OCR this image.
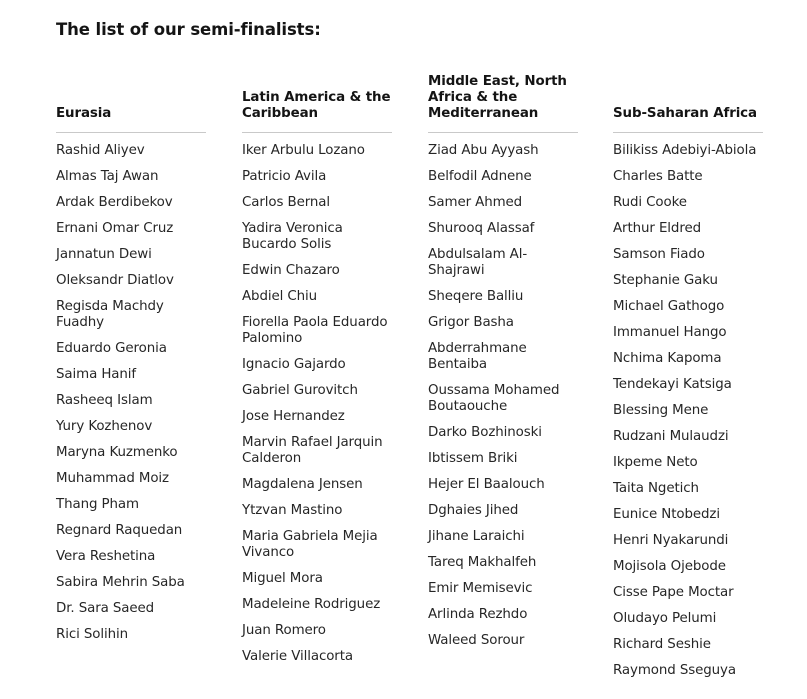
The list of our semi-finalists:
Eurasia
Rashid Aliyev
Almas Taj Awan
Ardak Berdibekov
Ernani Omar Cruz
Jannatun Dewi
Oleksandr Diatlov
Regisda Machdy Fuadhy
Eduardo Geronia
Saima Hanif
Rasheeq Islam
Yury Kozhenov
Maryna Kuzmenko
Muhammad Moiz
Thang Pham
Regnard Raquedan
Vera Reshetina
Sabira Mehrin Saba
Dr. Sara Saeed
Rici Solihin
Latin America & the Caribbean
Iker Arbulu Lozano
Patricio Avila
Carlos Bernal
Yadira Veronica Bucardo Solis
Edwin Chazaro
Abdiel Chiu
Fiorella Paola Eduardo Palomino
Ignacio Gajardo
Gabriel Gurovitch
Jose Hernandez
Marvin Rafael Jarquin Calderon
Magdalena Jensen
Ytzvan Mastino
Maria Gabriela Mejia Vivanco
Miguel Mora
Madeleine Rodriguez
Juan Romero
Valerie Villacorta
Middle East, North Africa & the Mediterranean
Ziad Abu Ayyash
Belfodil Adnene
Samer Ahmed
Shurooq Alassaf
Abdulsalam Al-Shajrawi
Sheqere Balliu
Grigor Basha
Abderrahmane Bentaiba
Oussama Mohamed Boutaouche
Darko Bozhinoski
Ibtissem Briki
Hejer El Baalouch
Dghaies Jihed
Jihane Laraichi
Tareq Makhalfeh
Emir Memisevic
Arlinda Rezhdo
Waleed Sorour
Sub-Saharan Africa
Bilikiss Adebiyi-Abiola
Charles Batte
Rudi Cooke
Arthur Eldred
Samson Fiado
Stephanie Gaku
Michael Gathogo
Immanuel Hango
Nchima Kapoma
Tendekayi Katsiga
Blessing Mene
Rudzani Mulaudzi
Ikpeme Neto
Taita Ngetich
Eunice Ntobedzi
Henri Nyakarundi
Mojisola Ojebode
Cisse Pape Moctar
Oludayo Pelumi
Richard Seshie
Raymond Sseguya
